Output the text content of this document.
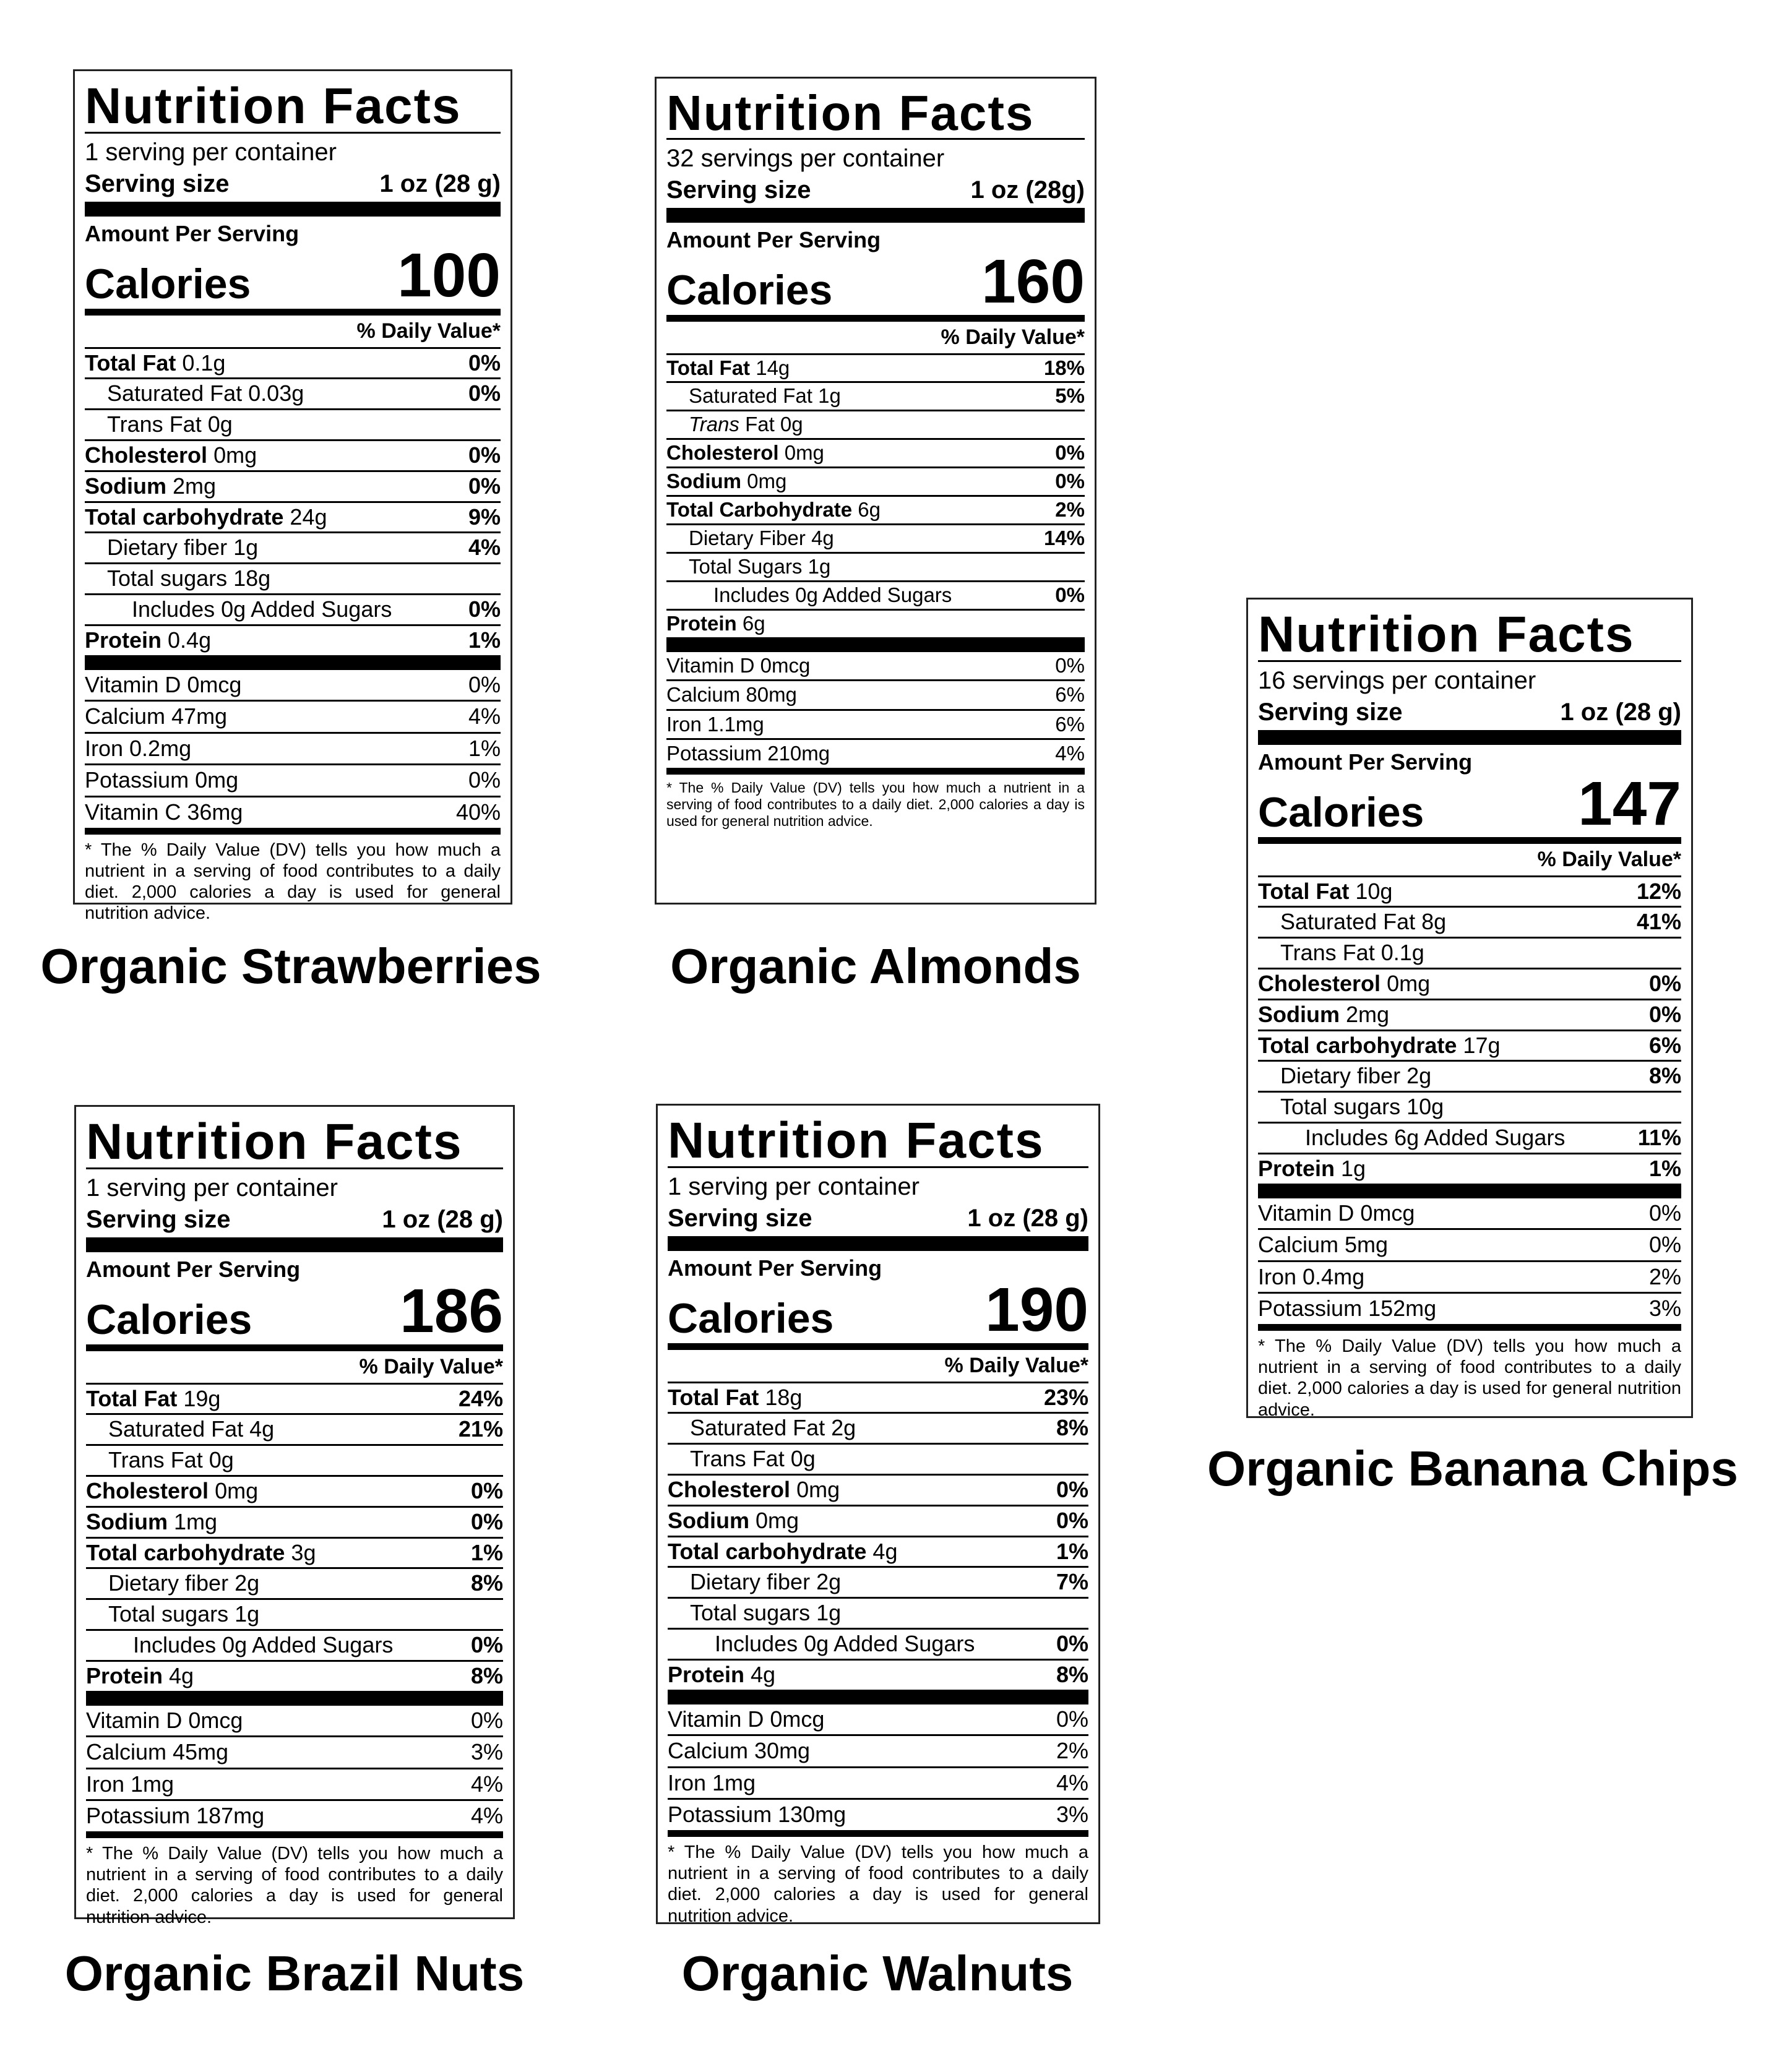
Nutrition Facts
1 serving per container
Serving size	1 oz (28 g)
Amount Per Serving
Calories 100
% Daily Value*
Total Fat 0.1g	0%
Saturated Fat 0.03g	0%
Trans Fat 0g
Cholesterol 0mg	0%
Sodium 2mg	0%
Total carbohydrate 24g	9%
Dietary fiber 1g	4%
Total sugars 18g
Includes 0g Added Sugars	0%
Protein 0.4g	1%
Vitamin D 0mcg	0%
Calcium 47mg	4%
Iron 0.2mg	1%
Potassium 0mg	0%
Vitamin C 36mg	40%
* The % Daily Value (DV) tells you how much a nutrient in a serving of food contributes to a daily diet. 2,000 calories a day is used for general nutrition advice.
Organic Strawberries
Nutrition Facts
32 servings per container
Serving size	1 oz (28g)
Amount Per Serving
Calories 160
% Daily Value*
Total Fat 14g	18%
Saturated Fat 1g	5%
Trans Fat 0g
Cholesterol 0mg	0%
Sodium 0mg	0%
Total Carbohydrate 6g	2%
Dietary Fiber 4g	14%
Total Sugars 1g
Includes 0g Added Sugars	0%
Protein 6g
Vitamin D 0mcg	0%
Calcium 80mg	6%
Iron 1.1mg	6%
Potassium 210mg	4%
* The % Daily Value (DV) tells you how much a nutrient in a serving of food contributes to a daily diet. 2,000 calories a day is used for general nutrition advice.
Organic Almonds
Nutrition Facts
16 servings per container
Serving size	1 oz (28 g)
Amount Per Serving
Calories 147
% Daily Value*
Total Fat 10g	12%
Saturated Fat 8g	41%
Trans Fat 0.1g
Cholesterol 0mg	0%
Sodium 2mg	0%
Total carbohydrate 17g	6%
Dietary fiber 2g	8%
Total sugars 10g
Includes 6g Added Sugars	11%
Protein 1g	1%
Vitamin D 0mcg	0%
Calcium 5mg	0%
Iron 0.4mg	2%
Potassium 152mg	3%
* The % Daily Value (DV) tells you how much a nutrient in a serving of food contributes to a daily diet. 2,000 calories a day is used for general nutrition advice.
Organic Banana Chips
Nutrition Facts
1 serving per container
Serving size	1 oz (28 g)
Amount Per Serving
Calories 186
% Daily Value*
Total Fat 19g	24%
Saturated Fat 4g	21%
Trans Fat 0g
Cholesterol 0mg	0%
Sodium 1mg	0%
Total carbohydrate 3g	1%
Dietary fiber 2g	8%
Total sugars 1g
Includes 0g Added Sugars	0%
Protein 4g	8%
Vitamin D 0mcg	0%
Calcium 45mg	3%
Iron 1mg	4%
Potassium 187mg	4%
* The % Daily Value (DV) tells you how much a nutrient in a serving of food contributes to a daily diet. 2,000 calories a day is used for general nutrition advice.
Organic Brazil Nuts
Nutrition Facts
1 serving per container
Serving size	1 oz (28 g)
Amount Per Serving
Calories 190
% Daily Value*
Total Fat 18g	23%
Saturated Fat 2g	8%
Trans Fat 0g
Cholesterol 0mg	0%
Sodium 0mg	0%
Total carbohydrate 4g	1%
Dietary fiber 2g	7%
Total sugars 1g
Includes 0g Added Sugars	0%
Protein 4g	8%
Vitamin D 0mcg	0%
Calcium 30mg	2%
Iron 1mg	4%
Potassium 130mg	3%
* The % Daily Value (DV) tells you how much a nutrient in a serving of food contributes to a daily diet. 2,000 calories a day is used for general nutrition advice.
Organic Walnuts
